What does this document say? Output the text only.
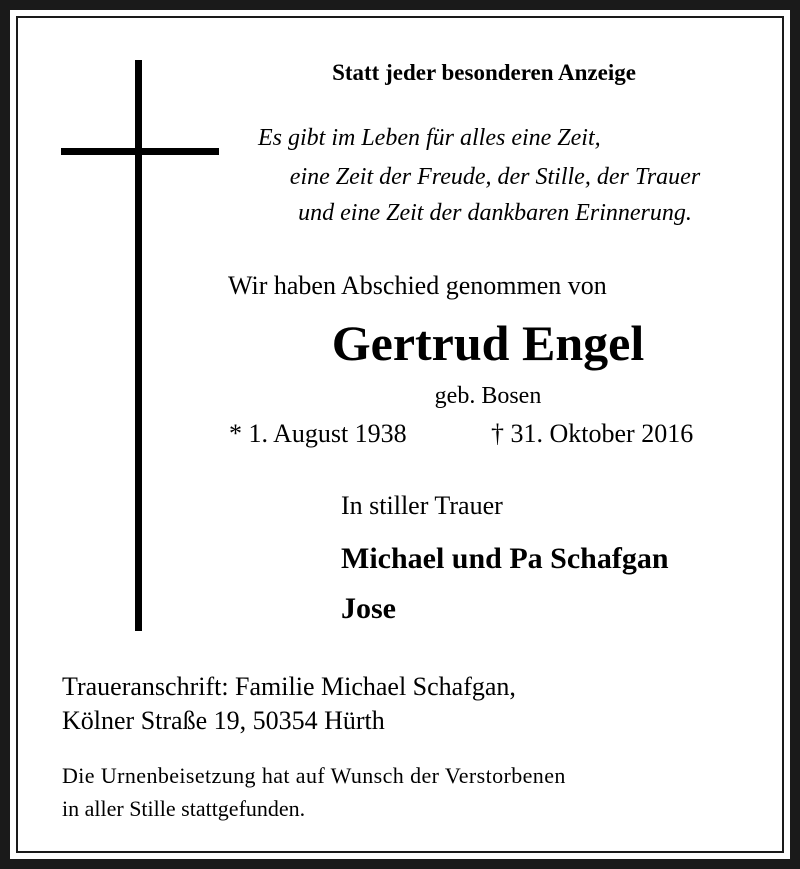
Statt jeder besonderen Anzeige
Es gibt im Leben für alles eine Zeit,
eine Zeit der Freude, der Stille, der Trauer
und eine Zeit der dankbaren Erinnerung.
Wir haben Abschied genommen von
Gertrud Engel
geb. Bosen
* 1. August 1938	† 31. Oktober 2016
In stiller Trauer
Michael und Pa Schafgan
Jose
Traueranschrift: Familie Michael Schafgan,
Kölner Straße 19, 50354 Hürth
Die Urnenbeisetzung hat auf Wunsch der Verstorbenen
in aller Stille stattgefunden.
